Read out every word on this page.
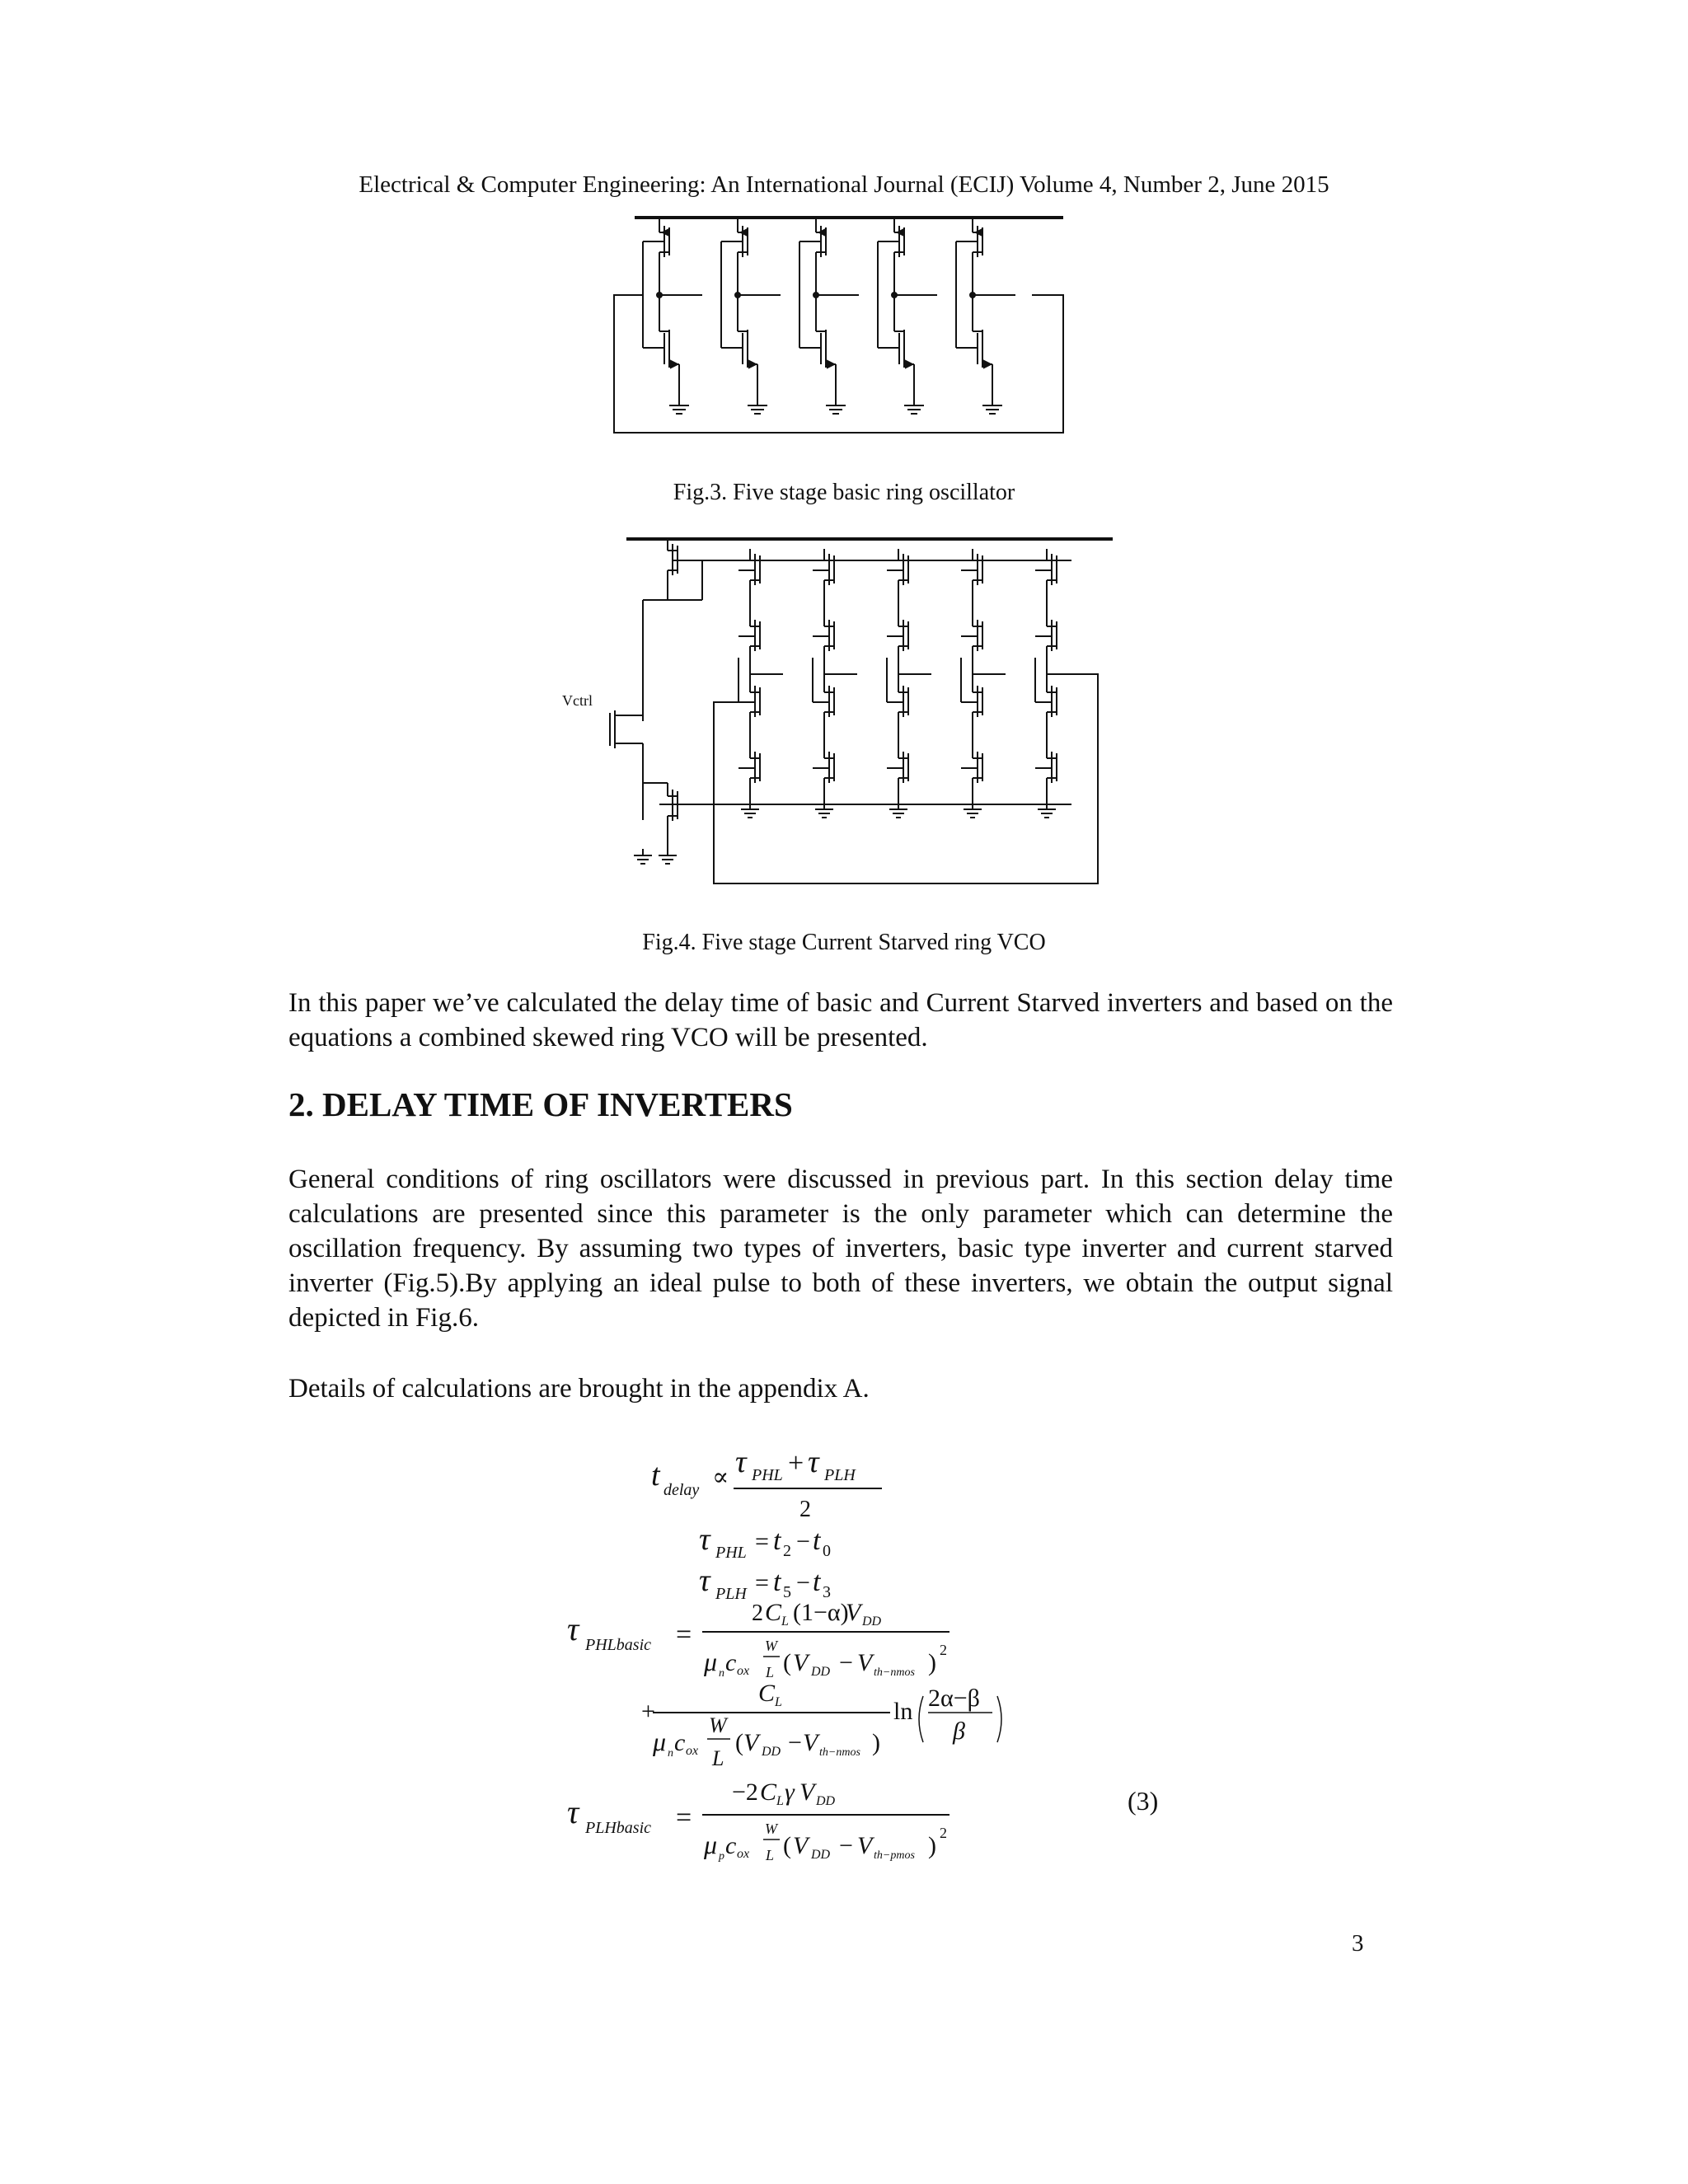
Electrical & Computer Engineering: An International Journal (ECIJ) Volume 4, Number 2, June 2015
Fig.3. Five stage basic ring oscillator
Vctrl
Fig.4. Five stage Current Starved ring VCO
In this paper we’ve calculated the delay time of basic and Current Starved inverters and based on the equations a combined skewed ring VCO will be presented.
2. DELAY TIME OF INVERTERS
General conditions of ring oscillators were discussed in previous part. In this section delay time calculations are presented since this parameter is the only parameter which can determine the oscillation frequency. By assuming two types of inverters, basic type inverter and current starved inverter (Fig.5).By applying an ideal pulse to both of these inverters, we obtain the output signal depicted in Fig.6.
Details of calculations are brought in the appendix A.
t delay ∝ τ PHL + τ PLH
2
τ PHL = t 2 − t 0
τ PLH = t 5 − t 3
τ PHLbasic =
2 C L (1−α)
V DD
μ n c ox
W
L ( V DD − V th−nmos ) 2
+
C L
μ n c ox
W
L
( V DD − V th−nmos )
ln 2α−β
β
τ PLHbasic =
−2 C L γ V DD
μ p c ox
W
L ( V DD − V th−pmos ) 2
(3)
3
